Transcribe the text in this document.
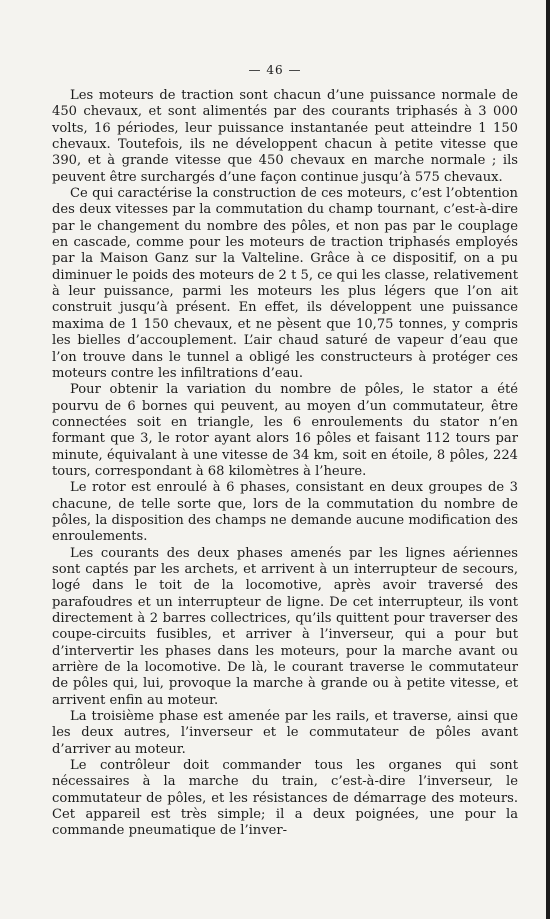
— 46 —

Les moteurs de traction sont chacun d’une puissance normale de 450 chevaux, et sont alimentés par des courants triphasés à 3 000 volts, 16 périodes, leur puissance instantanée peut atteindre 1 150 chevaux. Toutefois, ils ne développent chacun à petite vitesse que 390, et à grande vitesse que 450 chevaux en marche normale ; ils peuvent être surchargés d’une façon continue jusqu’à 575 chevaux.

Ce qui caractérise la construction de ces moteurs, c’est l’obtention des deux vitesses par la commutation du champ tournant, c’est-à-dire par le changement du nombre des pôles, et non pas par le couplage en cascade, comme pour les moteurs de traction triphasés employés par la Maison Ganz sur la Valteline. Grâce à ce dispositif, on a pu diminuer le poids des moteurs de 2 t 5, ce qui les classe, relativement à leur puissance, parmi les moteurs les plus légers que l’on ait construit jusqu’à présent. En effet, ils développent une puissance maxima de 1 150 chevaux, et ne pèsent que 10,75 tonnes, y compris les bielles d’accouplement. L’air chaud saturé de vapeur d’eau que l’on trouve dans le tunnel a obligé les constructeurs à protéger ces moteurs contre les infiltrations d’eau.

Pour obtenir la variation du nombre de pôles, le stator a été pourvu de 6 bornes qui peuvent, au moyen d’un commutateur, être connectées soit en triangle, les 6 enroulements du stator n’en formant que 3, le rotor ayant alors 16 pôles et faisant 112 tours par minute, équivalant à une vitesse de 34 km, soit en étoile, 8 pôles, 224 tours, correspondant à 68 kilomètres à l’heure.

Le rotor est enroulé à 6 phases, consistant en deux groupes de 3 chacune, de telle sorte que, lors de la commutation du nombre de pôles, la disposition des champs ne demande aucune modification des enroulements.

Les courants des deux phases amenés par les lignes aériennes sont captés par les archets, et arrivent à un interrupteur de secours, logé dans le toit de la locomotive, après avoir traversé des parafoudres et un interrupteur de ligne. De cet interrupteur, ils vont directement à 2 barres collectrices, qu’ils quittent pour traverser des coupe-circuits fusibles, et arriver à l’inverseur, qui a pour but d’intervertir les phases dans les moteurs, pour la marche avant ou arrière de la locomotive. De là, le courant traverse le commutateur de pôles qui, lui, provoque la marche à grande ou à petite vitesse, et arrivent enfin au moteur.

La troisième phase est amenée par les rails, et traverse, ainsi que les deux autres, l’inverseur et le commutateur de pôles avant d’arriver au moteur.

Le contrôleur doit commander tous les organes qui sont nécessaires à la marche du train, c’est-à-dire l’inverseur, le commutateur de pôles, et les résistances de démarrage des moteurs. Cet appareil est très simple; il a deux poignées, une pour la commande pneumatique de l’inver-
